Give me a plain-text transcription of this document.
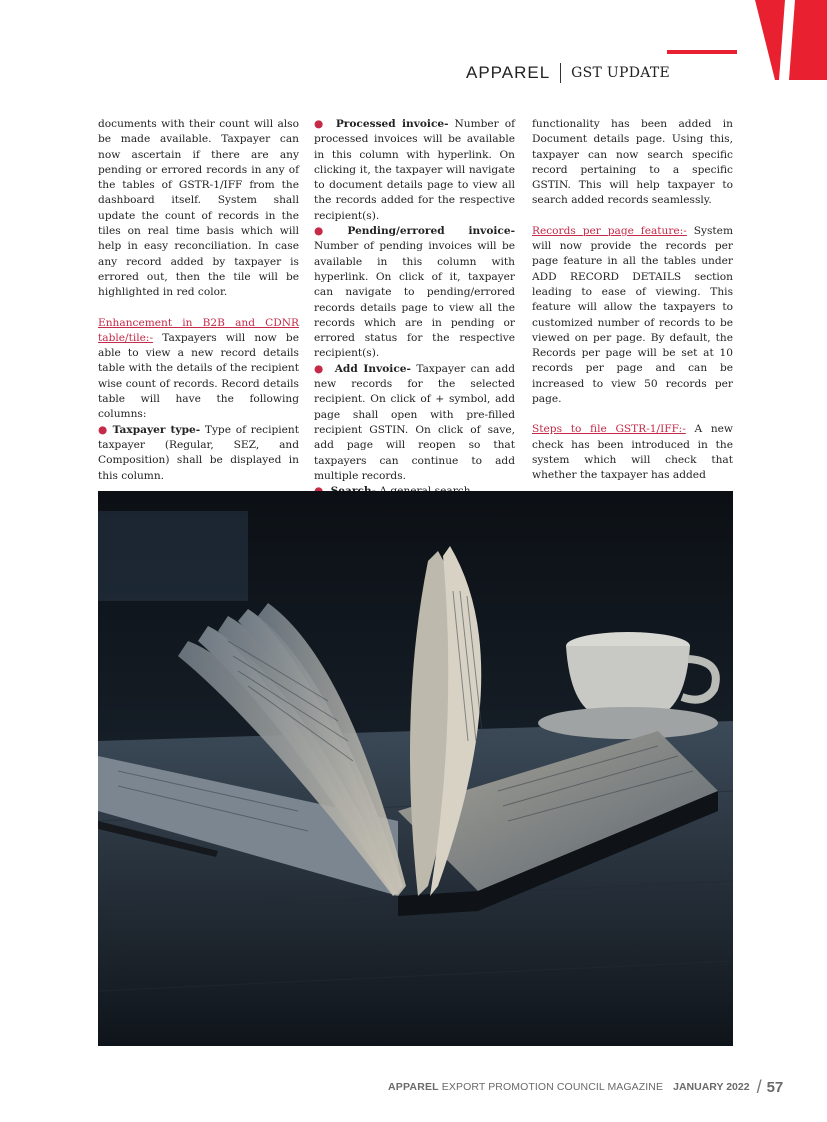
APPAREL GST UPDATE

documents with their count will also be made available. Taxpayer can now ascertain if there are any pending or errored records in any of the tables of GSTR-1/IFF from the dashboard itself. System shall update the count of records in the tiles on real time basis which will help in easy reconciliation. In case any record added by taxpayer is errored out, then the tile will be highlighted in red color.

Enhancement in B2B and CDNR table/tile:- Taxpayers will now be able to view a new record details table with the details of the recipient wise count of records. Record details table will have the following columns:
● Taxpayer type- Type of recipient taxpayer (Regular, SEZ, and Composition) shall be displayed in this column.

● Processed invoice- Number of processed invoices will be available in this column with hyperlink. On clicking it, the taxpayer will navigate to document details page to view all the records added for the respective recipient(s).

● Pending/errored invoice- Number of pending invoices will be available in this column with hyperlink. On click of it, taxpayer can navigate to pending/errored records details page to view all the records which are in pending or errored status for the respective recipient(s).

● Add Invoice- Taxpayer can add new records for the selected recipient. On click of + symbol, add page shall open with pre-filled recipient GSTIN. On click of save, add page will reopen so that taxpayers can continue to add multiple records.

functionality has been added in Document details page. Using this, taxpayer can now search specific record pertaining to a specific GSTIN. This will help taxpayer to search added records seamlessly.

Records per page feature:- System will now provide the records per page feature in all the tables under ADD RECORD DETAILS section leading to ease of viewing. This feature will allow the taxpayers to customized number of records to be viewed on per page. By default, the Records per page will be set at 10 records per page and can be increased to view 50 records per page.

Steps to file GSTR-1/IFF:- A new check has been introduced in the system which will check that whether the taxpayer has added

APPAREL EXPORT PROMOTION COUNCIL MAGAZINE JANUARY 2022 / 57
